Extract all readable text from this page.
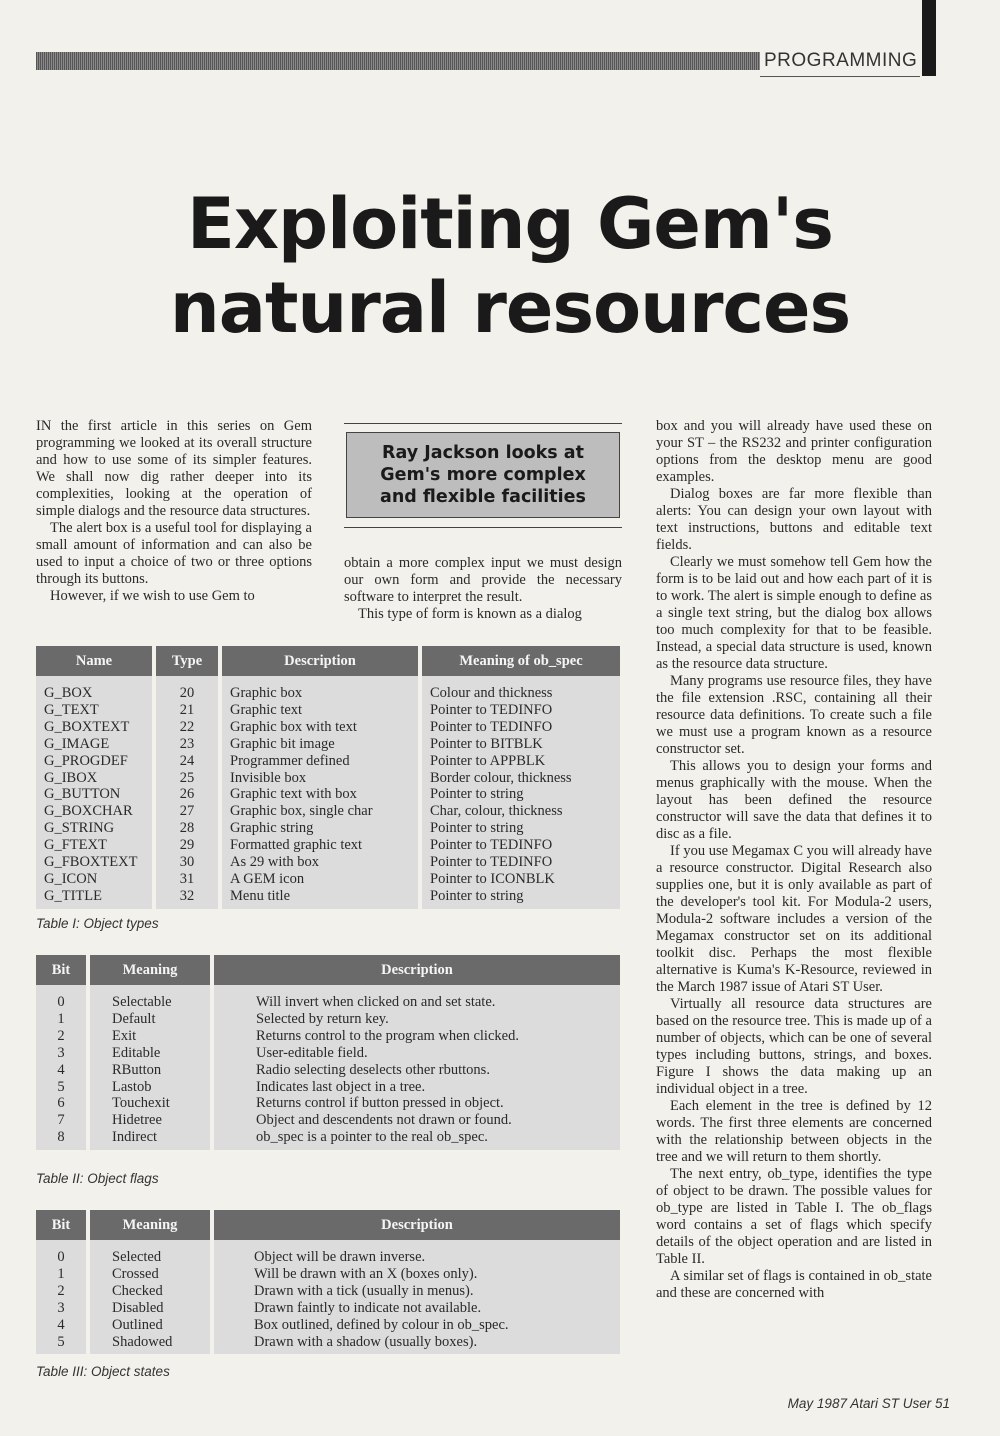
PROGRAMMING
Exploiting Gem's
natural resources

IN the first article in this series on Gem programming we looked at its overall structure and how to use some of its simpler features. We shall now dig rather deeper into its complexities, looking at the operation of simple dialogs and the resource data structures.

The alert box is a useful tool for displaying a small amount of information and can also be used to input a choice of two or three options through its buttons.

However, if we wish to use Gem to

Ray Jackson looks at
Gem's more complex
and flexible facilities

obtain a more complex input we must design our own form and provide the necessary software to interpret the result.

This type of form is known as a dialog

box and you will already have used these on your ST – the RS232 and printer configuration options from the desktop menu are good examples.

Dialog boxes are far more flexible than alerts: You can design your own layout with text instructions, buttons and editable text fields.

Clearly we must somehow tell Gem how the form is to be laid out and how each part of it is to work. The alert is simple enough to define as a single text string, but the dialog box allows too much complexity for that to be feasible. Instead, a special data structure is used, known as the resource data structure.

Many programs use resource files, they have the file extension .RSC, containing all their resource data definitions. To create such a file we must use a program known as a resource constructor set.

This allows you to design your forms and menus graphically with the mouse. When the layout has been defined the resource constructor will save the data that defines it to disc as a file.

If you use Megamax C you will already have a resource constructor. Digital Research also supplies one, but it is only available as part of the developer's tool kit. For Modula-2 users, Modula-2 software includes a version of the Megamax constructor set on its additional toolkit disc. Perhaps the most flexible alternative is Kuma's K-Resource, reviewed in the March 1987 issue of Atari ST User.

Virtually all resource data structures are based on the resource tree. This is made up of a number of objects, which can be one of several types including buttons, strings, and boxes. Figure I shows the data making up an individual object in a tree.

Each element in the tree is defined by 12 words. The first three elements are concerned with the relationship between objects in the tree and we will return to them shortly.

The next entry, ob_type, identifies the type of object to be drawn. The possible values for ob_type are listed in Table I. The ob_flags word contains a set of flags which specify details of the object operation and are listed in Table II.

A similar set of flags is contained in ob_state and these are concerned with

Name	Type	Description	Meaning of ob_spec

G_BOX	20	Graphic box	Colour and thickness
G_TEXT	21	Graphic text	Pointer to TEDINFO
G_BOXTEXT	22	Graphic box with text	Pointer to TEDINFO
G_IMAGE	23	Graphic bit image	Pointer to BITBLK
G_PROGDEF	24	Programmer defined	Pointer to APPBLK
G_IBOX	25	Invisible box	Border colour, thickness
G_BUTTON	26	Graphic text with box	Pointer to string
G_BOXCHAR	27	Graphic box, single char	Char, colour, thickness
G_STRING	28	Graphic string	Pointer to string
G_FTEXT	29	Formatted graphic text	Pointer to TEDINFO
G_FBOXTEXT	30	As 29 with box	Pointer to TEDINFO
G_ICON	31	A GEM icon	Pointer to ICONBLK
G_TITLE	32	Menu title	Pointer to string

Table I: Object types
Bit	Meaning	Description

0	Selectable	Will invert when clicked on and set state.
1	Default	Selected by return key.
2	Exit	Returns control to the program when clicked.
3	Editable	User-editable field.
4	RButton	Radio selecting deselects other rbuttons.
5	Lastob	Indicates last object in a tree.
6	Touchexit	Returns control if button pressed in object.
7	Hidetree	Object and descendents not drawn or found.
8	Indirect	ob_spec is a pointer to the real ob_spec.

Table II: Object flags
Bit	Meaning	Description

0	Selected	Object will be drawn inverse.
1	Crossed	Will be drawn with an X (boxes only).
2	Checked	Drawn with a tick (usually in menus).
3	Disabled	Drawn faintly to indicate not available.
4	Outlined	Box outlined, defined by colour in ob_spec.
5	Shadowed	Drawn with a shadow (usually boxes).

Table III: Object states
May 1987 Atari ST User 51
